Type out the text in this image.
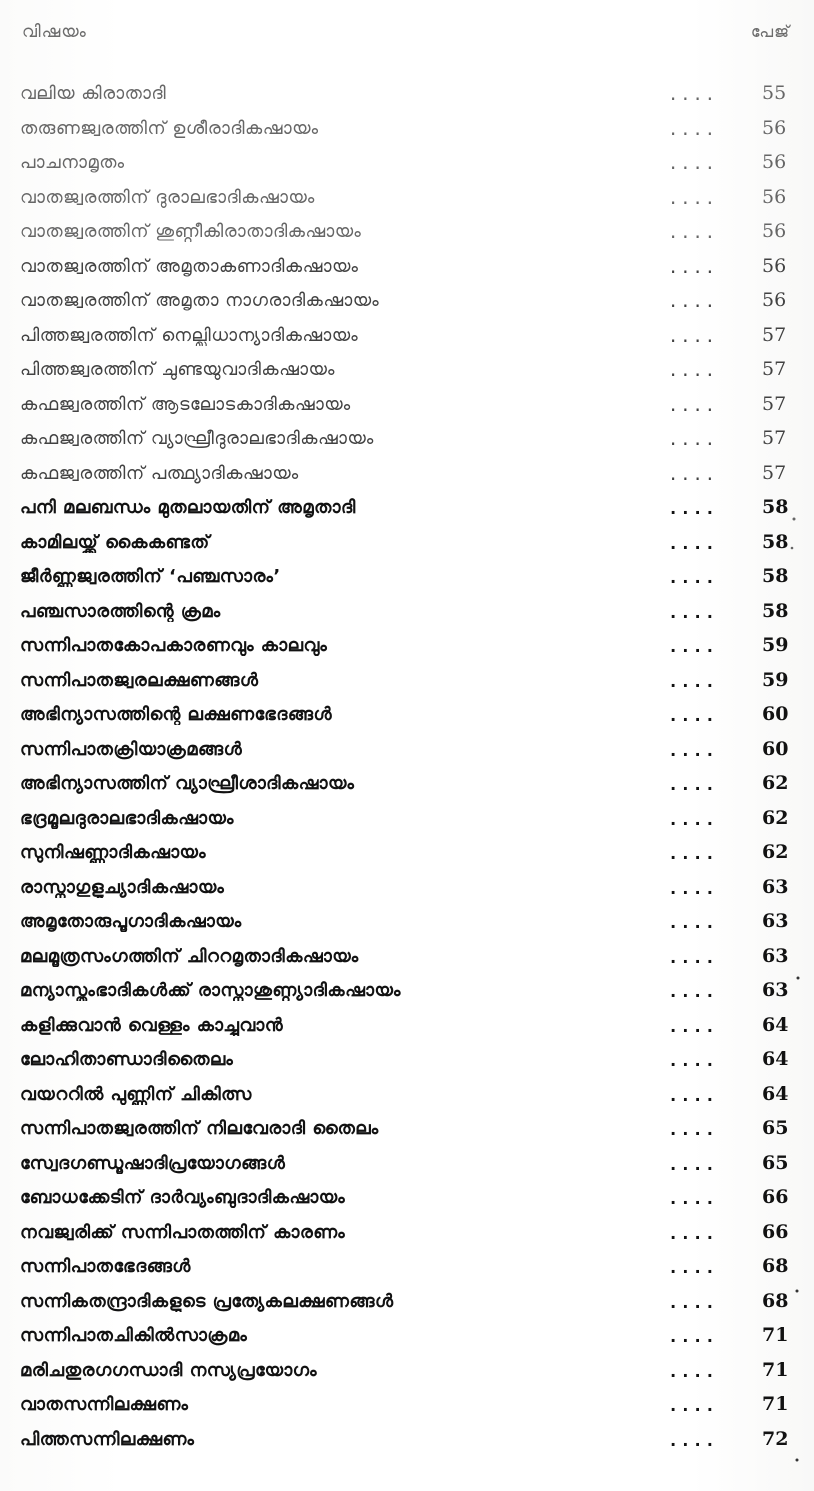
വിഷയം	പേജ്
വലിയ കിരാതാദി	.... 55
തരുണജ്വരത്തിന് ഉശീരാദികഷായം	.... 56
പാചനാമൃതം	.... 56
വാതജ്വരത്തിന് ദുരാലഭാദികഷായം	.... 56
വാതജ്വരത്തിന് ശുണ്ഠീകിരാതാദികഷായം	.... 56
വാതജ്വരത്തിന് അമൃതാകണാദികഷായം	.... 56
വാതജ്വരത്തിന് അമൃതാ നാഗരാദികഷായം	.... 56
പിത്തജ്വരത്തിന് നെല്ലിധാന്യാദികഷായം	.... 57
പിത്തജ്വരത്തിന് ചുണ്ടയുവാദികഷായം	.... 57
കഫജ്വരത്തിന് ആടലോടകാദികഷായം	.... 57
കഫജ്വരത്തിന് വ്യാഘ്രീദുരാലഭാദികഷായം	.... 57
കഫജ്വരത്തിന് പത്ഥ്യാദികഷായം	.... 57
പനി മലബന്ധം മുതലായതിന് അമൃതാദി	.... 58
കാമിലയ്ക്ക് കൈകണ്ടത്	.... 58
ജീർണ്ണജ്വരത്തിന് ‘പഞ്ചസാരം’	.... 58
പഞ്ചസാരത്തിന്റെ ക്രമം	.... 58
സന്നിപാതകോപകാരണവും കാലവും	.... 59
സന്നിപാതജ്വരലക്ഷണങ്ങൾ	.... 59
അഭിന്യാസത്തിന്റെ ലക്ഷണഭേദങ്ങൾ	.... 60
സന്നിപാതക്രിയാക്രമങ്ങൾ	.... 60
അഭിന്യാസത്തിന് വ്യാഘ്രീശാദികഷായം	.... 62
ഭദ്രമൂലദുരാലഭാദികഷായം	.... 62
സുനിഷണ്ണാദികഷായം	.... 62
രാസ്നാഗുളൂച്യാദികഷായം	.... 63
അമൃതോരുപൂഗാദികഷായം	.... 63
മലമൂത്രസംഗത്തിന് ചിററമൃതാദികഷായം	.... 63
മന്യാസ്തംഭാദികൾക്ക് രാസ്നാശുണ്ഠ്യാദികഷായം	.... 63
കളിക്കുവാൻ വെള്ളം കാച്ചുവാൻ	.... 64
ലോഹിതാണ്ഡാദിതൈലം	.... 64
വയററിൽ പുണ്ണിന് ചികിത്സ	.... 64
സന്നിപാതജ്വരത്തിന് നിലവേരാദി തൈലം	.... 65
സ്വേദഗണ്ഡൂഷാദിപ്രയോഗങ്ങൾ	.... 65
ബോധക്കേടിന് ദാർവ്യംബുദാദികഷായം	.... 66
നവജ്വരിക്ക് സന്നിപാതത്തിന് കാരണം	.... 66
സന്നിപാതഭേദങ്ങൾ	.... 68
സന്നികതന്ദ്രാദികളുടെ പ്രത്യേകലക്ഷണങ്ങൾ	.... 68
സന്നിപാതചികിൽസാക്രമം	.... 71
മരിചതുരഗഗന്ധാദി നസ്യപ്രയോഗം	.... 71
വാതസന്നിലക്ഷണം	.... 71
പിത്തസന്നിലക്ഷണം	.... 72
